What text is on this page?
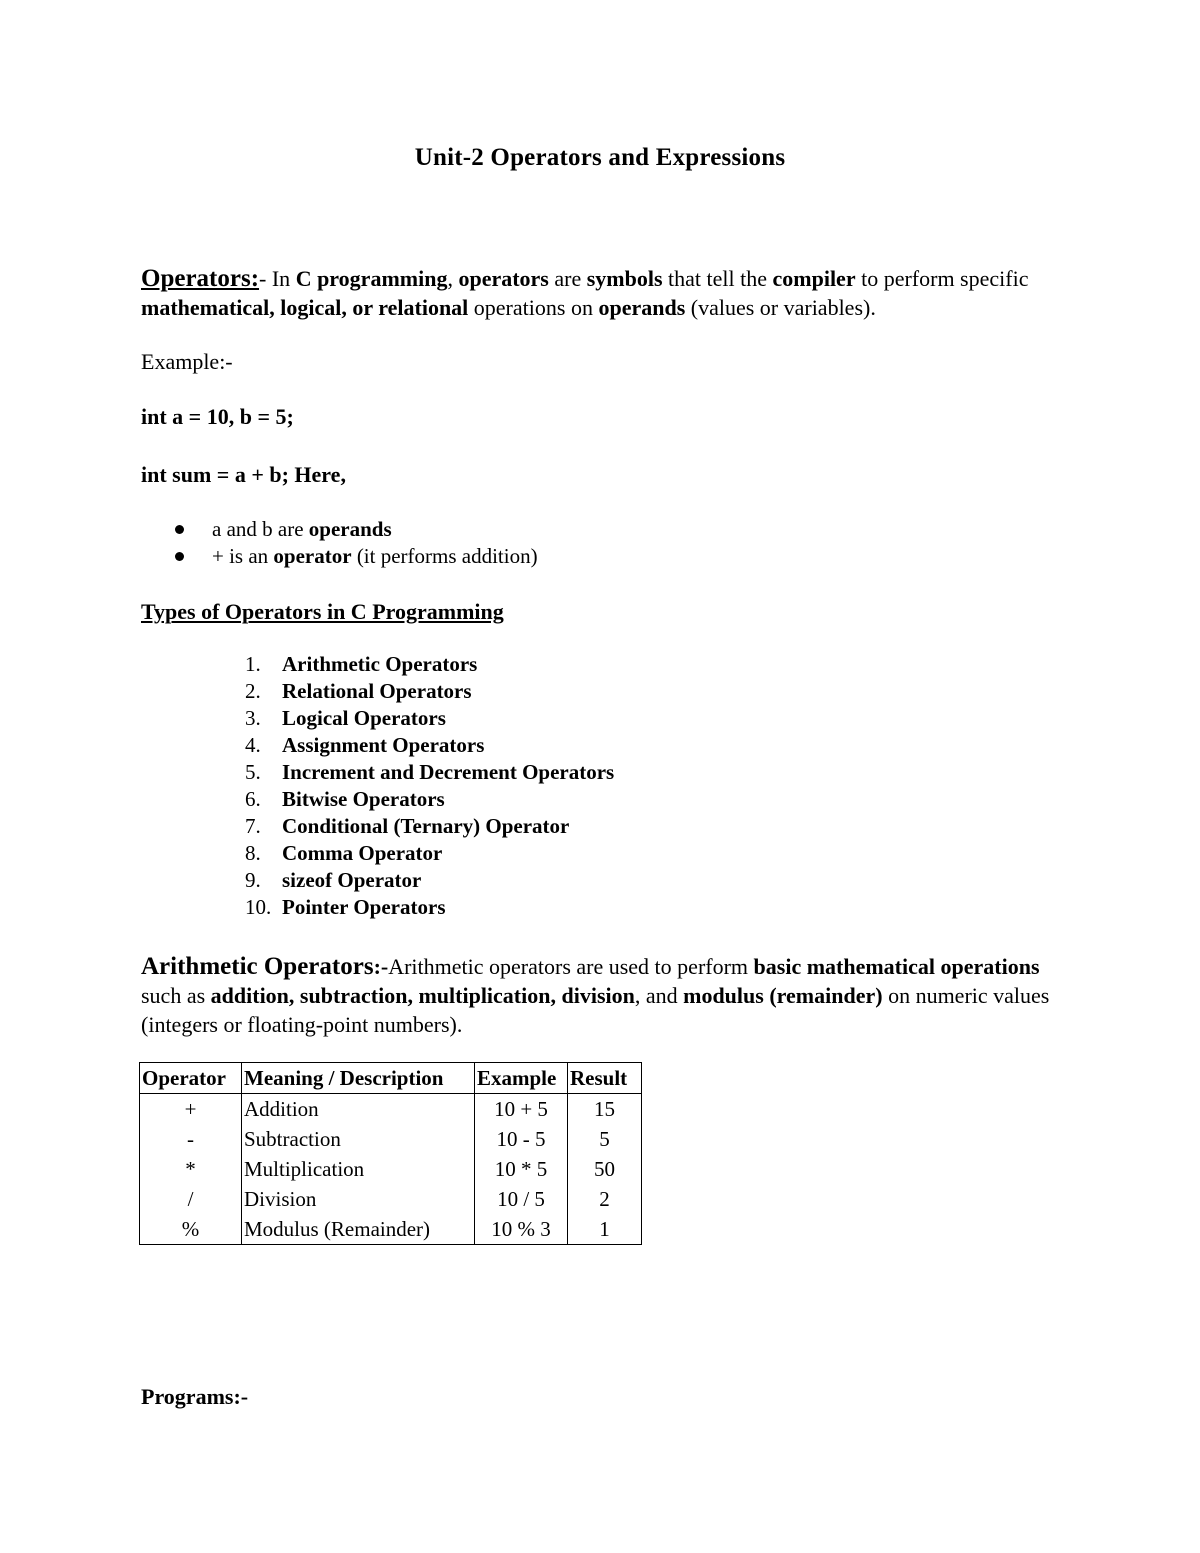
Unit-2 Operators and Expressions
Operators:- In C programming, operators are symbols that tell the compiler to perform specific mathematical, logical, or relational operations on operands (values or variables).
Example:-
int a = 10, b = 5;
int sum = a + b; Here,
a and b are operands
+ is an operator (it performs addition)
Types of Operators in C Programming
1. Arithmetic Operators
2. Relational Operators
3. Logical Operators
4. Assignment Operators
5. Increment and Decrement Operators
6. Bitwise Operators
7. Conditional (Ternary) Operator
8. Comma Operator
9. sizeof Operator
10. Pointer Operators
Arithmetic Operators:-Arithmetic operators are used to perform basic mathematical operations such as addition, subtraction, multiplication, division, and modulus (remainder) on numeric values (integers or floating-point numbers).
Operator	Meaning / Description	Example	Result
+	Addition	10 + 5	15
-	Subtraction	10 - 5	5
*	Multiplication	10 * 5	50
/	Division	10 / 5	2
%	Modulus (Remainder)	10 % 3	1
Programs:-
